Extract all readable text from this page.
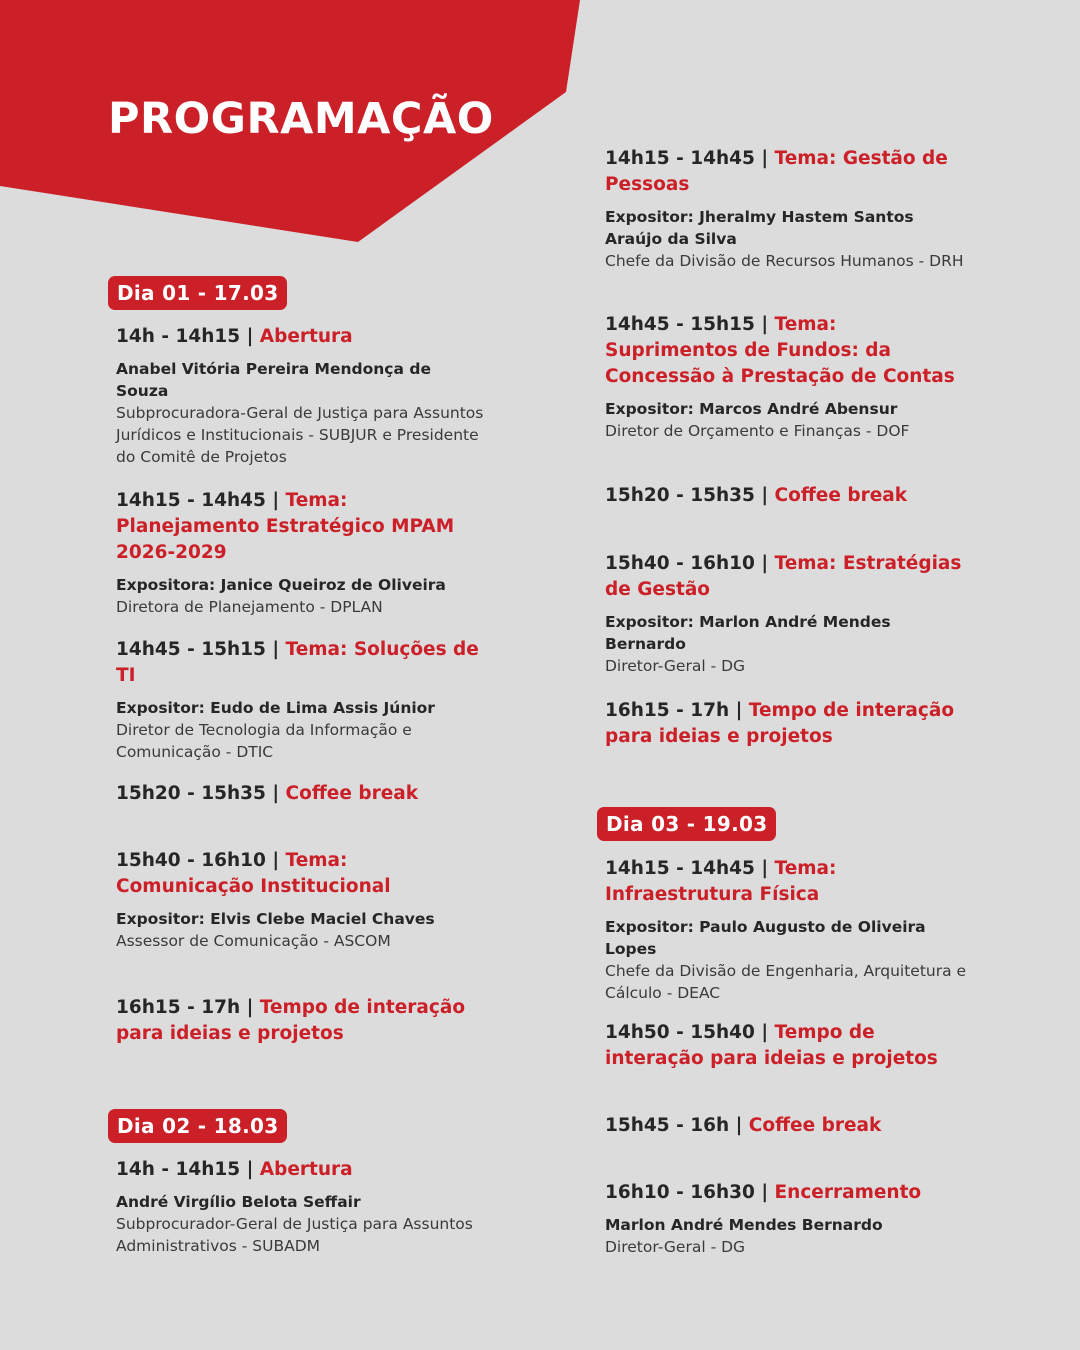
PROGRAMAÇÃO
Dia 01 - 17.03

14h - 14h15 | Abertura

Anabel Vitória Pereira Mendonça de Souza
Subprocuradora-Geral de Justiça para Assuntos Jurídicos e Institucionais - SUBJUR e Presidente do Comitê de Projetos

14h15 - 14h45 | Tema: Planejamento Estratégico MPAM 2026-2029

Expositora: Janice Queiroz de Oliveira
Diretora de Planejamento - DPLAN

14h45 - 15h15 | Tema: Soluções de TI

Expositor: Eudo de Lima Assis Júnior
Diretor de Tecnologia da Informação e Comunicação - DTIC

15h20 - 15h35 | Coffee break

15h40 - 16h10 | Tema: Comunicação Institucional

Expositor: Elvis Clebe Maciel Chaves
Assessor de Comunicação - ASCOM

16h15 - 17h | Tempo de interação para ideias e projetos

Dia 02 - 18.03

14h - 14h15 | Abertura

André Virgílio Belota Seffair
Subprocurador-Geral de Justiça para Assuntos Administrativos - SUBADM

14h15 - 14h45 | Tema: Gestão de Pessoas

Expositor: Jheralmy Hastem Santos Araújo da Silva
Chefe da Divisão de Recursos Humanos - DRH

14h45 - 15h15 | Tema: Suprimentos de Fundos: da Concessão à Prestação de Contas

Expositor: Marcos André Abensur
Diretor de Orçamento e Finanças - DOF

15h20 - 15h35 | Coffee break

15h40 - 16h10 | Tema: Estratégias de Gestão

Expositor: Marlon André Mendes Bernardo
Diretor-Geral - DG

16h15 - 17h | Tempo de interação para ideias e projetos

Dia 03 - 19.03

14h15 - 14h45 | Tema: Infraestrutura Física

Expositor: Paulo Augusto de Oliveira Lopes
Chefe da Divisão de Engenharia, Arquitetura e Cálculo - DEAC

14h50 - 15h40 | Tempo de interação para ideias e projetos

15h45 - 16h | Coffee break

16h10 - 16h30 | Encerramento

Marlon André Mendes Bernardo
Diretor-Geral - DG
